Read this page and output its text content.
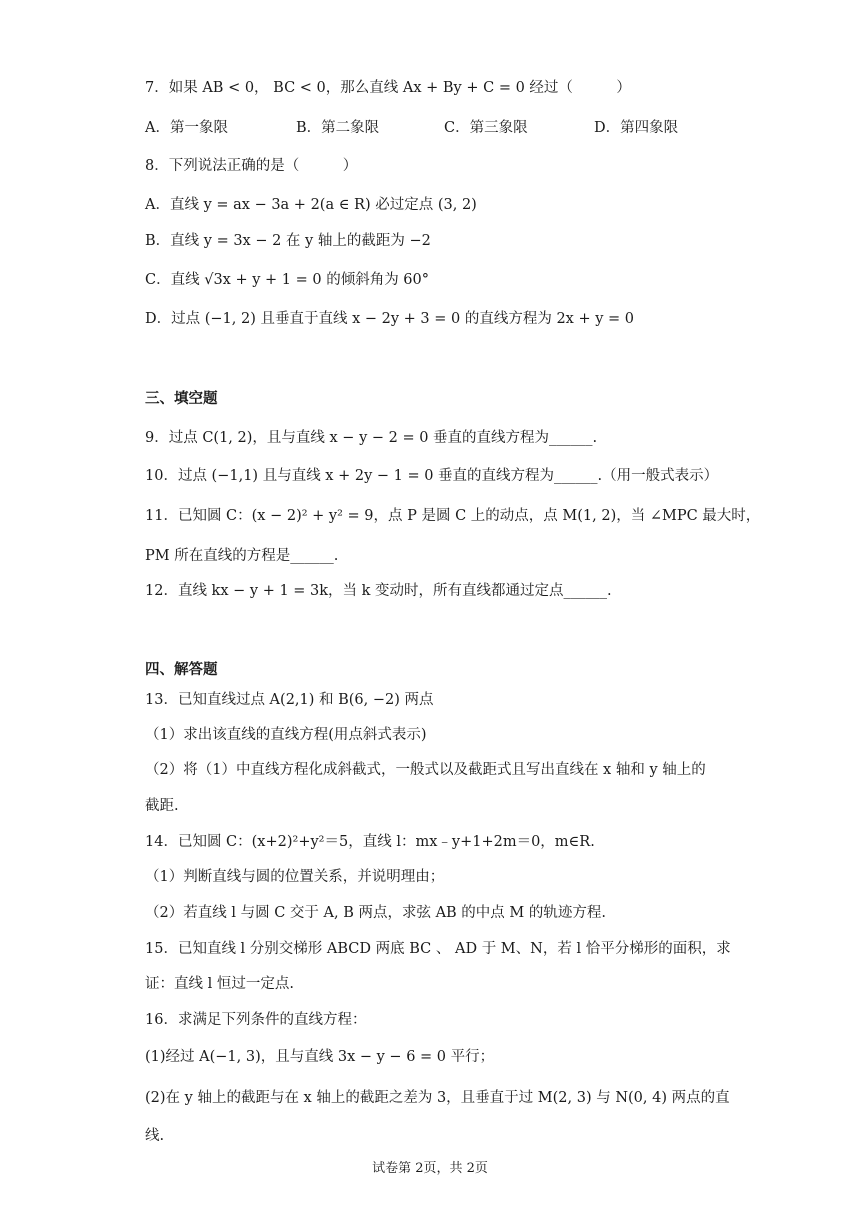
7．如果 AB < 0， BC < 0，那么直线 Ax + By + C = 0 经过（　　　）
A．第一象限	B．第二象限	C．第三象限	D．第四象限
8．下列说法正确的是（　　　）
A．直线 y = ax − 3a + 2(a ∈ R) 必过定点 (3, 2)
B．直线 y = 3x − 2 在 y 轴上的截距为 −2
C．直线 √3x + y + 1 = 0 的倾斜角为 60°
D．过点 (−1, 2) 且垂直于直线 x − 2y + 3 = 0 的直线方程为 2x + y = 0
三、填空题
9．过点 C(1, 2)，且与直线 x − y − 2 = 0 垂直的直线方程为______.
10．过点 (−1,1) 且与直线 x + 2y − 1 = 0 垂直的直线方程为______.（用一般式表示）
11．已知圆 C：(x − 2)² + y² = 9，点 P 是圆 C 上的动点，点 M(1, 2)，当 ∠MPC 最大时，
PM 所在直线的方程是______.
12．直线 kx − y + 1 = 3k，当 k 变动时，所有直线都通过定点______.
四、解答题
13．已知直线过点 A(2,1) 和 B(6, −2) 两点
（1）求出该直线的直线方程(用点斜式表示)
（2）将（1）中直线方程化成斜截式，一般式以及截距式且写出直线在 x 轴和 y 轴上的
截距.
14．已知圆 C：(x+2)²+y²＝5，直线 l：mx﹣y+1+2m＝0，m∈R.
（1）判断直线与圆的位置关系，并说明理由；
（2）若直线 l 与圆 C 交于 A, B 两点，求弦 AB 的中点 M 的轨迹方程.
15．已知直线 l 分别交梯形 ABCD 两底 BC 、 AD 于 M、N，若 l 恰平分梯形的面积，求
证：直线 l 恒过一定点.
16．求满足下列条件的直线方程：
(1)经过 A(−1, 3)，且与直线 3x − y − 6 = 0 平行；
(2)在 y 轴上的截距与在 x 轴上的截距之差为 3，且垂直于过 M(2, 3) 与 N(0, 4) 两点的直
线.
试卷第 2页，共 2页
